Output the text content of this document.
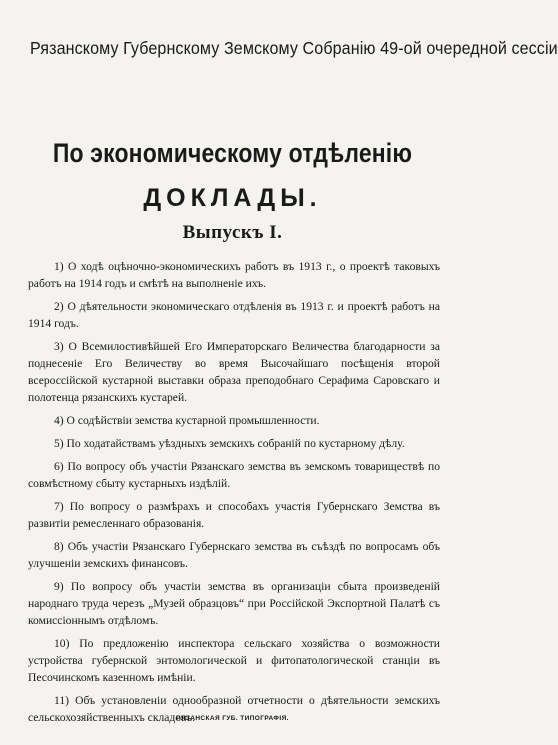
Рязанскому Губернскому Земскому Собранію 49-ой очередной сессіи
По экономическому отдѣленію
ДОКЛАДЫ.
Выпускъ I.

1) О ходѣ оцѣночно-экономическихъ работъ въ 1913 г., о проектѣ таковыхъ работъ на 1914 годъ и смѣтѣ на выполненіе ихъ.

2) О дѣятельности экономическаго отдѣленія въ 1913 г. и проектѣ работъ на 1914 годъ.

3) О Всемилостивѣйшей Его Императорскаго Величества благодарности за поднесеніе Его Величеству во время Высочайшаго посѣщенія второй всероссійской кустарной выставки образа преподобнаго Серафима Саровскаго и полотенца рязанскихъ кустарей.

4) О содѣйствіи земства кустарной промышленности.

5) По ходатайствамъ уѣздныхъ земскихъ собраній по кустарному дѣлу.

6) По вопросу объ участіи Рязанскаго земства въ земскомъ товариществѣ по совмѣстному сбыту кустарныхъ издѣлій.

7) По вопросу о размѣрахъ и способахъ участія Губернскаго Земства въ развитіи ремесленнаго образованія.

8) Объ участіи Рязанскаго Губернскаго земства въ съѣздѣ по вопросамъ объ улучшеніи земскихъ финансовъ.

9) По вопросу объ участіи земства въ организаціи сбыта произведеній народнаго труда черезъ „Музей образцовъ“ при Россійской Экспортной Палатѣ съ комиссіоннымъ отдѣломъ.

10) По предложенію инспектора сельскаго хозяйства о возможности устройства губернской энтомологической и фитопатологической станціи въ Песочинскомъ казенномъ имѣніи.

11) Объ установленіи однообразной отчетности о дѣятельности земскихъ сельскохозяйственныхъ складовъ.

РЯЗАНСКАЯ ГУБ. ТИПОГРАФІЯ.
